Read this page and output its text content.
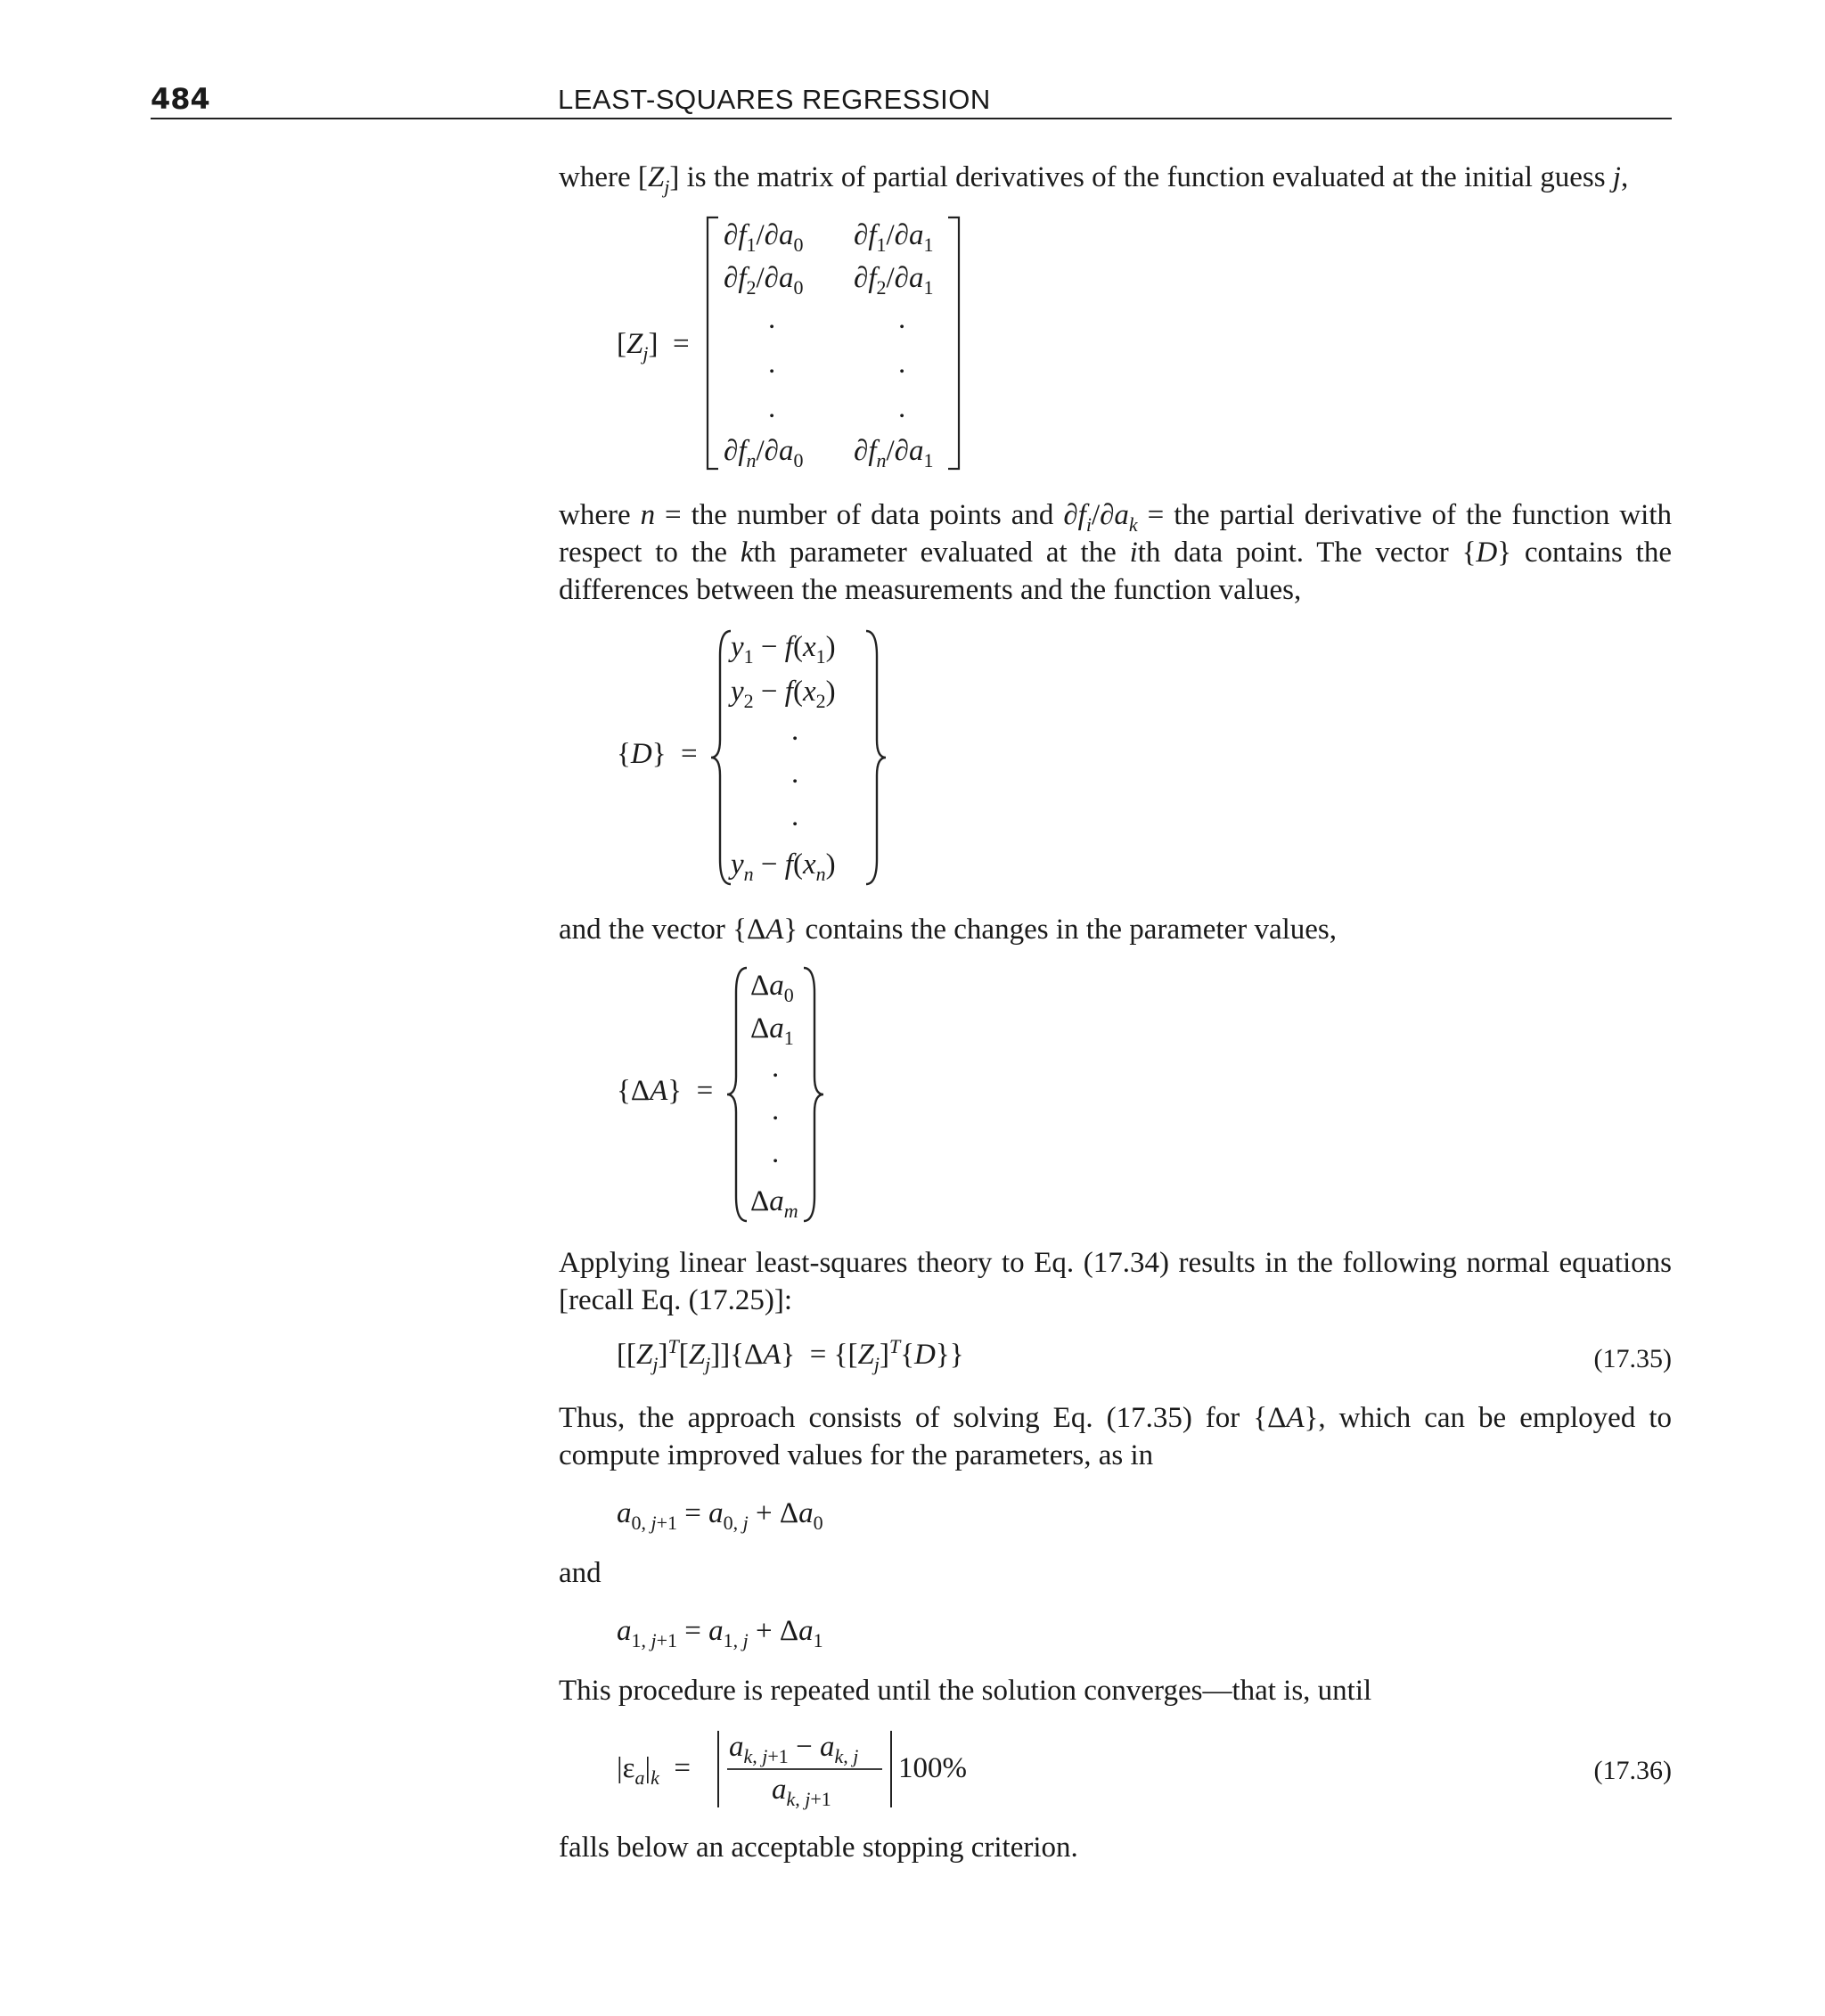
484	LEAST-SQUARES REGRESSION
where $[Z_j]$ is the matrix of partial derivatives of the function evaluated at the initial guess j,
$[Z_j]$  =
$\partial f_1/\partial a_0$ $\partial f_1/\partial a_1$
$\partial f_2/\partial a_0$ $\partial f_2/\partial a_1$
.	.
.	.
.	.
$\partial f_n/\partial a_0$ $\partial f_n/\partial a_1$
where n = the number of data points and $\partial f_i/\partial a_k$ = the partial derivative of the function with respect to the kth parameter evaluated at the ith data point. The vector {D} contains the differences between the measurements and the function values,
{D}  =
$y_1 - f(x_1)$
$y_2 - f(x_2)$
.
.
.
$y_n - f(x_n)$
and the vector {ΔA} contains the changes in the parameter values,
{ΔA}  =
$\Delta a_0$
$\Delta a_1$
.
.
.
$\Delta a_m$
Applying linear least-squares theory to Eq. (17.34) results in the following normal equations [recall Eq. (17.25)]:
$[[Z_j]^T[Z_j]]\{\Delta A\} = \{[Z_j]^T\{D\}\}$	(17.35)
Thus, the approach consists of solving Eq. (17.35) for {ΔA}, which can be employed to compute improved values for the parameters, as in
$a_{0, j+1} = a_{0, j} + \Delta a_0$
and
$a_{1, j+1} = a_{1, j} + \Delta a_1$
This procedure is repeated until the solution converges—that is, until
$|\varepsilon_a|_k$  =
$a_{k, j+1} - a_{k, j}$
$a_{k, j+1}$
100%	(17.36)
falls below an acceptable stopping criterion.
